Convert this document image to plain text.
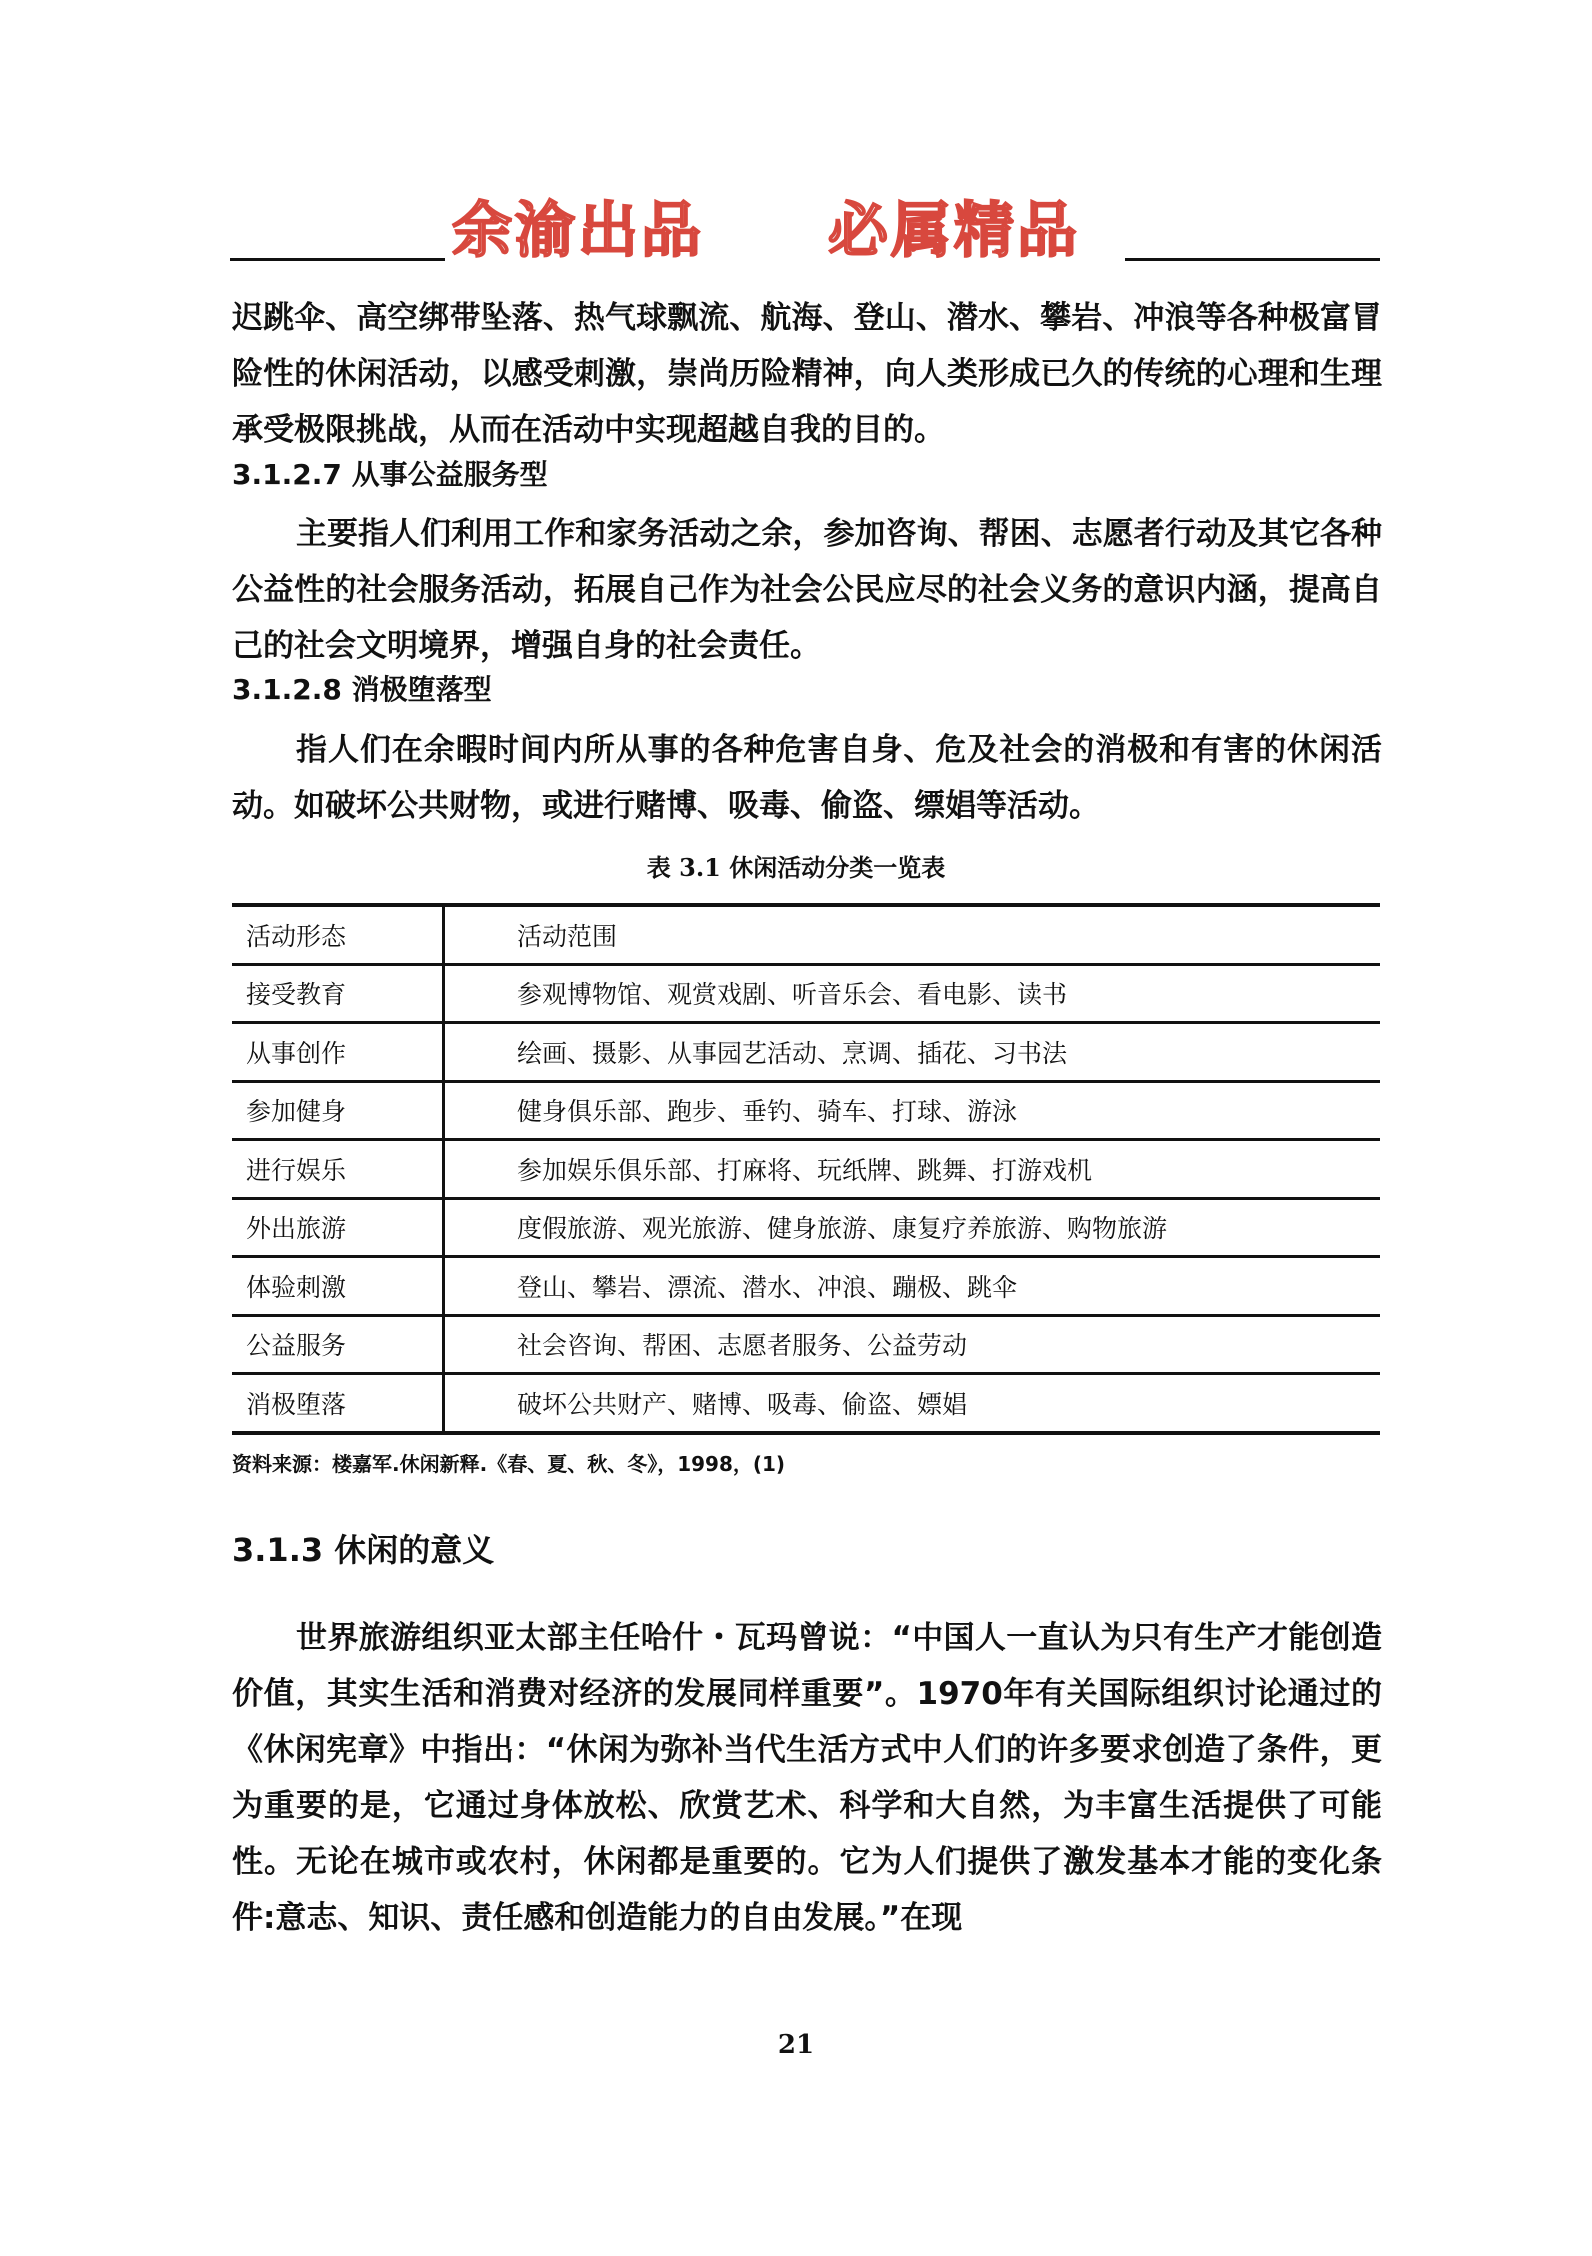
余渝出品 必属精品
迟跳伞、高空绑带坠落、热气球飘流、航海、登山、潜水、攀岩、冲浪等各种极富冒险性的休闲活动，以感受刺激，崇尚历险精神，向人类形成已久的传统的心理和生理承受极限挑战，从而在活动中实现超越自我的目的。
3.1.2.7 从事公益服务型
主要指人们利用工作和家务活动之余，参加咨询、帮困、志愿者行动及其它各种公益性的社会服务活动，拓展自己作为社会公民应尽的社会义务的意识内涵，提高自己的社会文明境界，增强自身的社会责任。
3.1.2.8 消极堕落型
指人们在余暇时间内所从事的各种危害自身、危及社会的消极和有害的休闲活动。如破坏公共财物，或进行赌博、吸毒、偷盗、缥娼等活动。
表 3.1 休闲活动分类一览表
活动形态	活动范围
接受教育	参观博物馆、观赏戏剧、听音乐会、看电影、读书
从事创作	绘画、摄影、从事园艺活动、烹调、插花、习书法
参加健身	健身俱乐部、跑步、垂钓、骑车、打球、游泳
进行娱乐	参加娱乐俱乐部、打麻将、玩纸牌、跳舞、打游戏机
外出旅游	度假旅游、观光旅游、健身旅游、康复疗养旅游、购物旅游
体验刺激	登山、攀岩、漂流、潜水、冲浪、蹦极、跳伞
公益服务	社会咨询、帮困、志愿者服务、公益劳动
消极堕落	破坏公共财产、赌博、吸毒、偷盗、嫖娼
资料来源：楼嘉军.休闲新释.《春、夏、秋、冬》，1998，(1)
3.1.3 休闲的意义
世界旅游组织亚太部主任哈什・瓦玛曾说：“中国人一直认为只有生产才能创造价值，其实生活和消费对经济的发展同样重要”。1970年有关国际组织讨论通过的《休闲宪章》中指出：“休闲为弥补当代生活方式中人们的许多要求创造了条件，更为重要的是，它通过身体放松、欣赏艺术、科学和大自然，为丰富生活提供了可能性。无论在城市或农村，休闲都是重要的。它为人们提供了激发基本才能的变化条件:意志、知识、责任感和创造能力的自由发展。”在现
21
